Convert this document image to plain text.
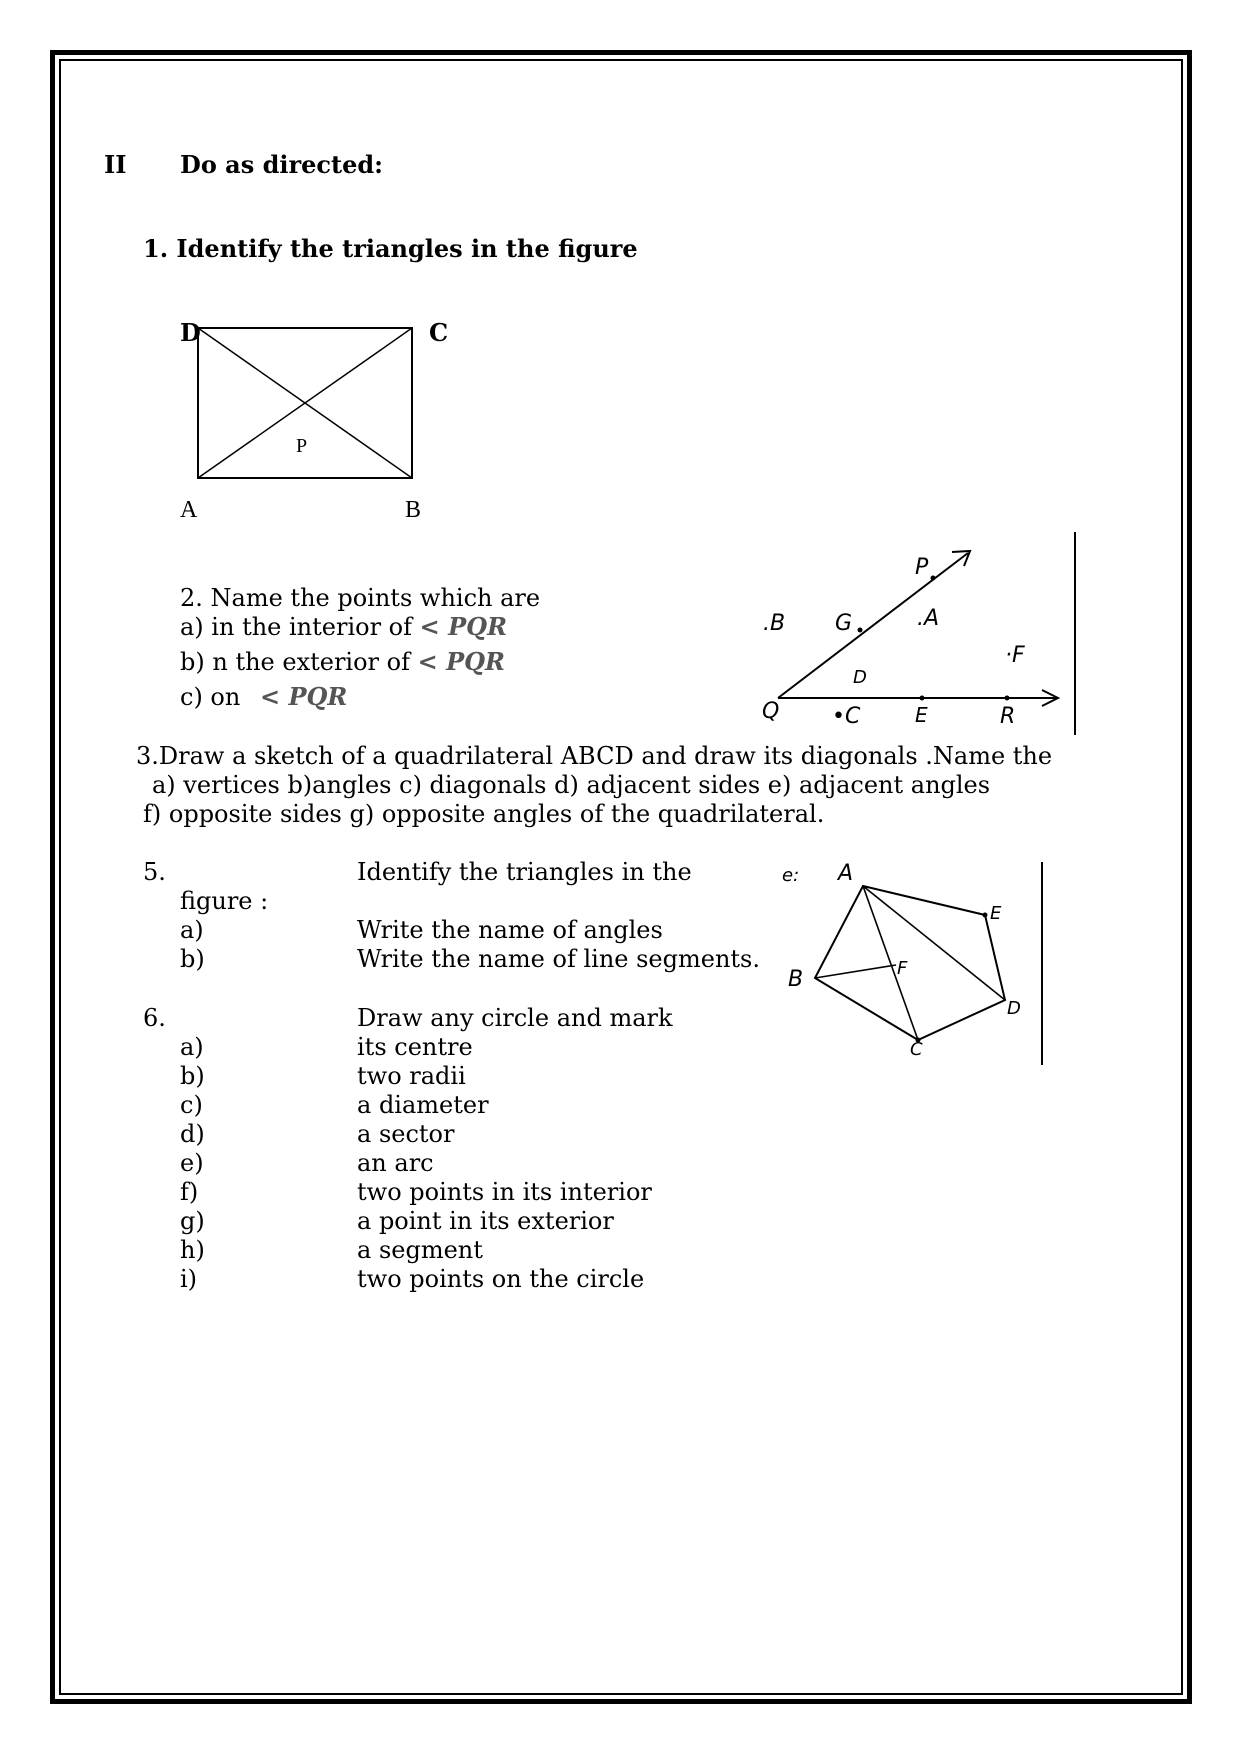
II Do as directed:
1. Identify the triangles in the figure
D	C
P
A	B
2. Name the points which are
a) in the interior of < PQR
b) n the exterior of < PQR
c) on < PQR
P
.B G	.A
·F
D
Q •C	E	R
3.Draw a sketch of a quadrilateral ABCD and draw its diagonals .Name the
a) vertices b)angles c) diagonals d) adjacent sides e) adjacent angles
f) opposite sides g) opposite angles of the quadrilateral.
5.	Identify the triangles in the
figure :
a)	Write the name of angles
b)	Write the name of line segments.
e: A
E
B	F
D
C
6.	Draw any circle and mark
a)	its centre
b)	two radii
c)	a diameter
d)	a sector
e)	an arc
f)	two points in its interior
g)	a point in its exterior
h)	a segment
i)	two points on the circle
